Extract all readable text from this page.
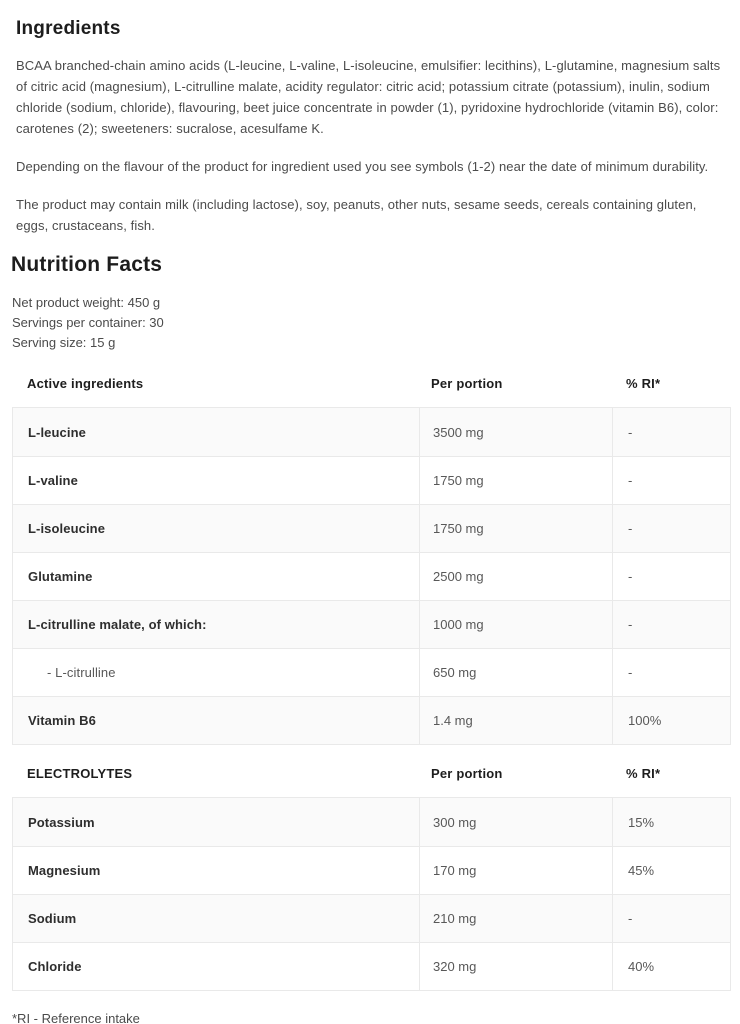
Ingredients

BCAA branched-chain amino acids (L-leucine, L-valine, L-isoleucine, emulsifier: lecithins), L-glutamine, magnesium salts of citric acid (magnesium), L-citrulline malate, acidity regulator: citric acid; potassium citrate (potassium), inulin, sodium chloride (sodium, chloride), flavouring, beet juice concentrate in powder (1), pyridoxine hydrochloride (vitamin B6), color: carotenes (2); sweeteners: sucralose, acesulfame K.

Depending on the flavour of the product for ingredient used you see symbols (1-2) near the date of minimum durability.

The product may contain milk (including lactose), soy, peanuts, other nuts, sesame seeds, cereals containing gluten, eggs, crustaceans, fish.

Nutrition Facts
Net product weight: 450 g
Servings per container: 30
Serving size: 15 g
Active ingredients	Per portion	% RI*
L-leucine	3500 mg	-
L-valine	1750 mg	-
L-isoleucine	1750 mg	-
Glutamine	2500 mg	-
L-citrulline malate, of which:	1000 mg	-
- L-citrulline	650 mg	-
Vitamin B6	1.4 mg	100%
ELECTROLYTES	Per portion	% RI*
Potassium	300 mg	15%
Magnesium	170 mg	45%
Sodium	210 mg	-
Chloride	320 mg	40%

*RI - Reference intake
